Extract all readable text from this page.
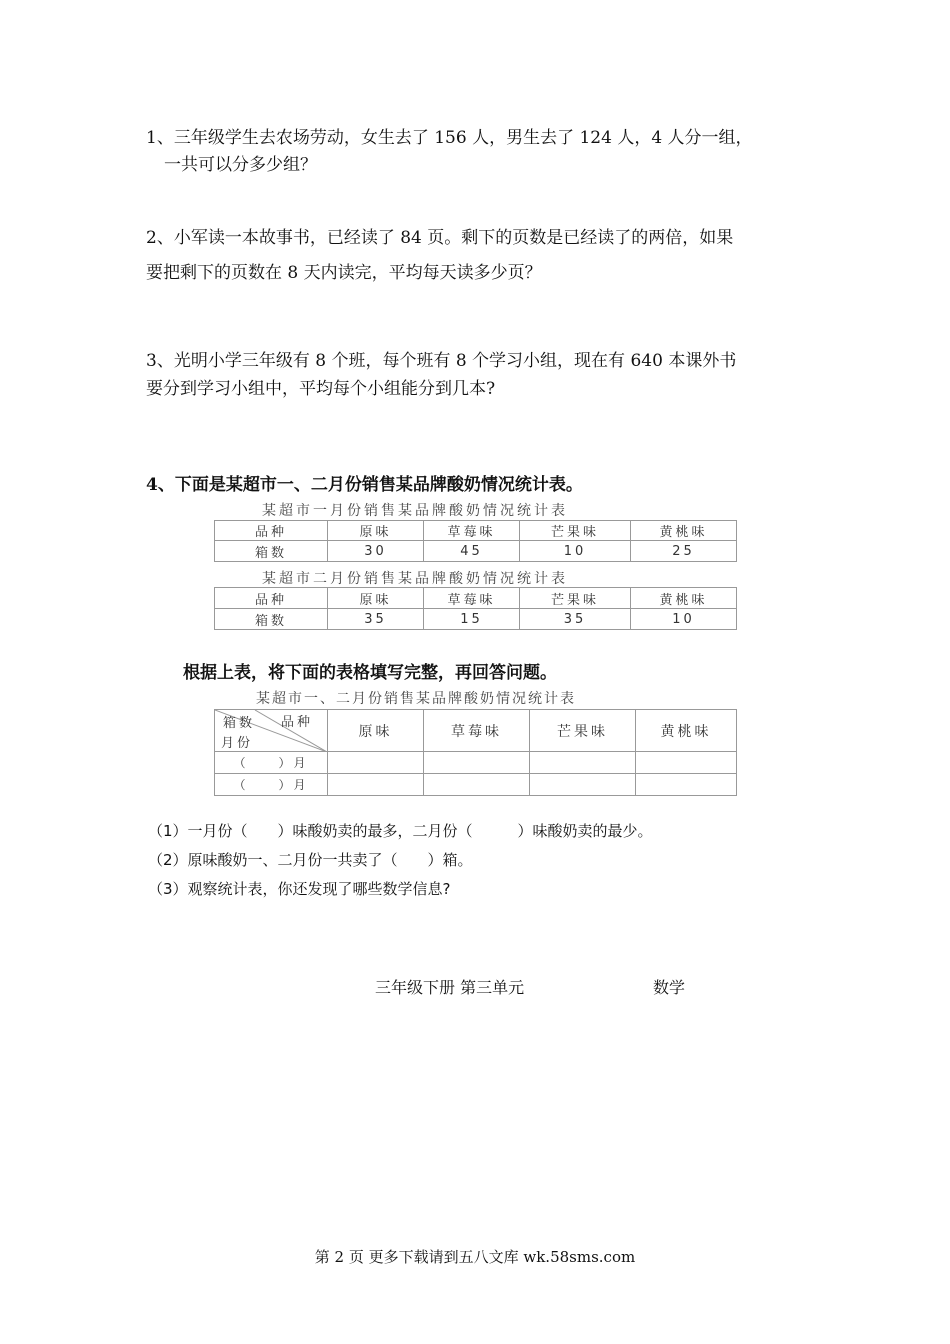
1、三年级学生去农场劳动，女生去了 156 人，男生去了 124 人，4 人分一组，
一共可以分多少组？
2、小军读一本故事书，已经读了 84 页。剩下的页数是已经读了的两倍，如果
要把剩下的页数在 8 天内读完，平均每天读多少页？
3、光明小学三年级有 8 个班，每个班有 8 个学习小组，现在有 640 本课外书
要分到学习小组中，平均每个小组能分到几本?
4、下面是某超市一、二月份销售某品牌酸奶情况统计表。
某超市一月份销售某品牌酸奶情况统计表
品种	原味	草莓味	芒果味	黄桃味
箱数	30	45	10	25
某超市二月份销售某品牌酸奶情况统计表
品种	原味	草莓味	芒果味	黄桃味
箱数	35	15	35	10
根据上表，将下面的表格填写完整，再回答问题。
某超市一、二月份销售某品牌酸奶情况统计表
箱数 品种
月份	原味	草莓味	芒果味	黄桃味
（　　）月				
（　　）月				
（1）一月份（　　）味酸奶卖的最多，二月份（　　　）味酸奶卖的最少。
（2）原味酸奶一、二月份一共卖了（　　）箱。
（3）观察统计表，你还发现了哪些数学信息?
三年级下册 第三单元	数学
第 2 页 更多下载请到五八文库 wk.58sms.com
